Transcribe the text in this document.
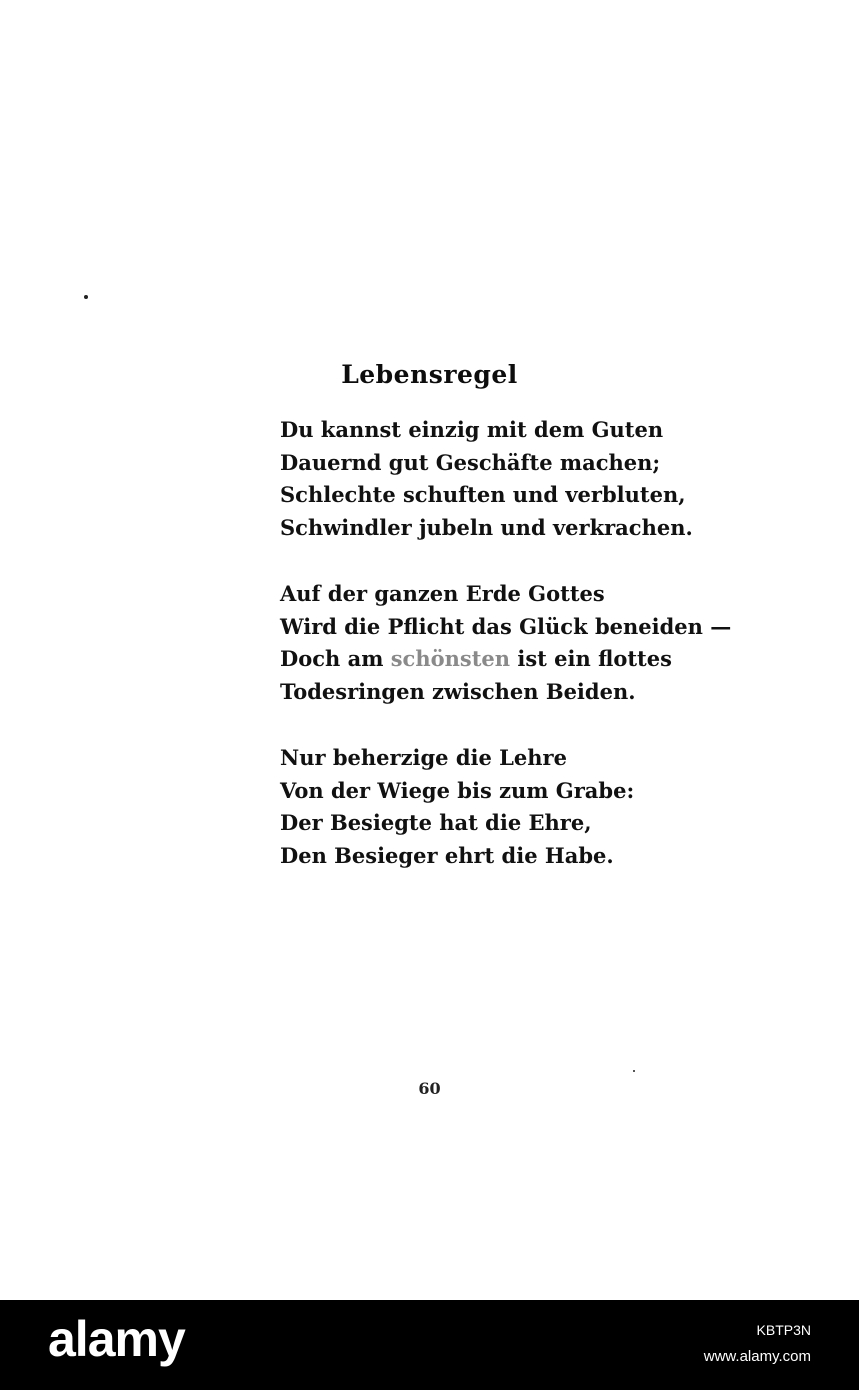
Lebensregel
Du kannst einzig mit dem Guten
Dauernd gut Geschäfte machen;
Schlechte schuften und verbluten,
Schwindler jubeln und verkrachen.
Auf der ganzen Erde Gottes
Wird die Pflicht das Glück beneiden —
Doch am schönsten ist ein flottes
Todesringen zwischen Beiden.
Nur beherzige die Lehre
Von der Wiege bis zum Grabe:
Der Besiegte hat die Ehre,
Den Besieger ehrt die Habe.
60
alamy	KBTP3N
www.alamy.com
